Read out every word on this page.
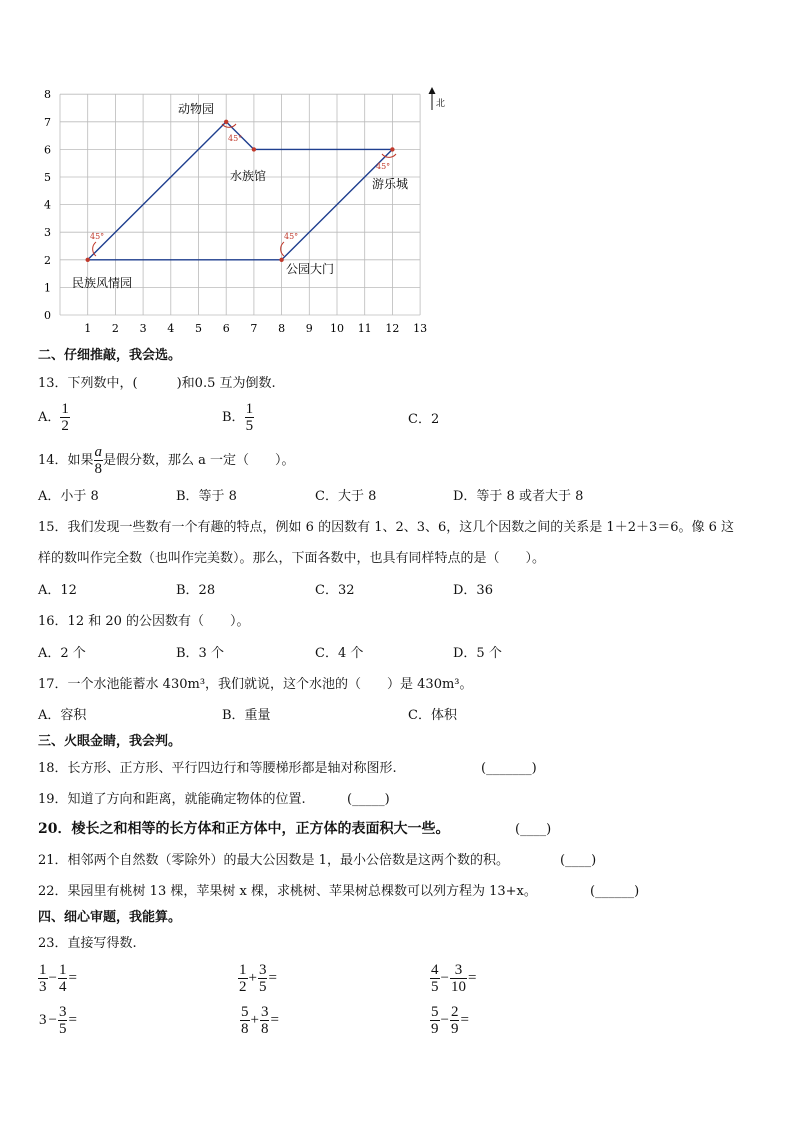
0
1
2
3
4
5
6
7
8
1 2 3 4 5 6 7 8 9 10 11 12 13
45°
45°
45°
45°
动物园
水族馆
游乐城
民族风情园
公园大门
北
二、仔细推敲，我会选。
13．下列数中，(　　　)和0.5 互为倒数.
A． $\frac{1}{2}$	B． $\frac{1}{5}$	C．2
14．如果 $\frac{a}{8}$ 是假分数，那么 a 一定（　　）。
A．小于 8	B．等于 8	C．大于 8	D．等于 8 或者大于 8
15．我们发现一些数有一个有趣的特点，例如 6 的因数有 1、2、3、6，这几个因数之间的关系是 1＋2＋3＝6。像 6 这
样的数叫作完全数（也叫作完美数）。那么，下面各数中，也具有同样特点的是（　　）。
A．12	B．28	C．32	D．36
16．12 和 20 的公因数有（　　）。
A．2 个	B．3 个	C．4 个	D．5 个
17．一个水池能蓄水 430m³，我们就说，这个水池的（　　）是 430m³。
A．容积	B．重量	C．体积
三、火眼金睛，我会判。
18．长方形、正方形、平行四边行和等腰梯形都是轴对称图形.	(_______)
19．知道了方向和距离，就能确定物体的位置.	(_____)
20．棱长之和相等的长方体和正方体中，正方体的表面积大一些。	(____)
21．相邻两个自然数（零除外）的最大公因数是 1，最小公倍数是这两个数的积。	(____)
22．果园里有桃树 13 棵，苹果树 x 棵，求桃树、苹果树总棵数可以列方程为 13+x。	(______)
四、细心审题，我能算。
23．直接写得数.
$\frac{1}{3} - \frac{1}{4}$ =	$\frac{1}{2} + \frac{3}{5}$ =	$\frac{4}{5} - \frac{3}{10}$ =
$3 - \frac{3}{5}$ =	$\frac{5}{8} + \frac{3}{8}$ =	$\frac{5}{9} - \frac{2}{9}$ =
